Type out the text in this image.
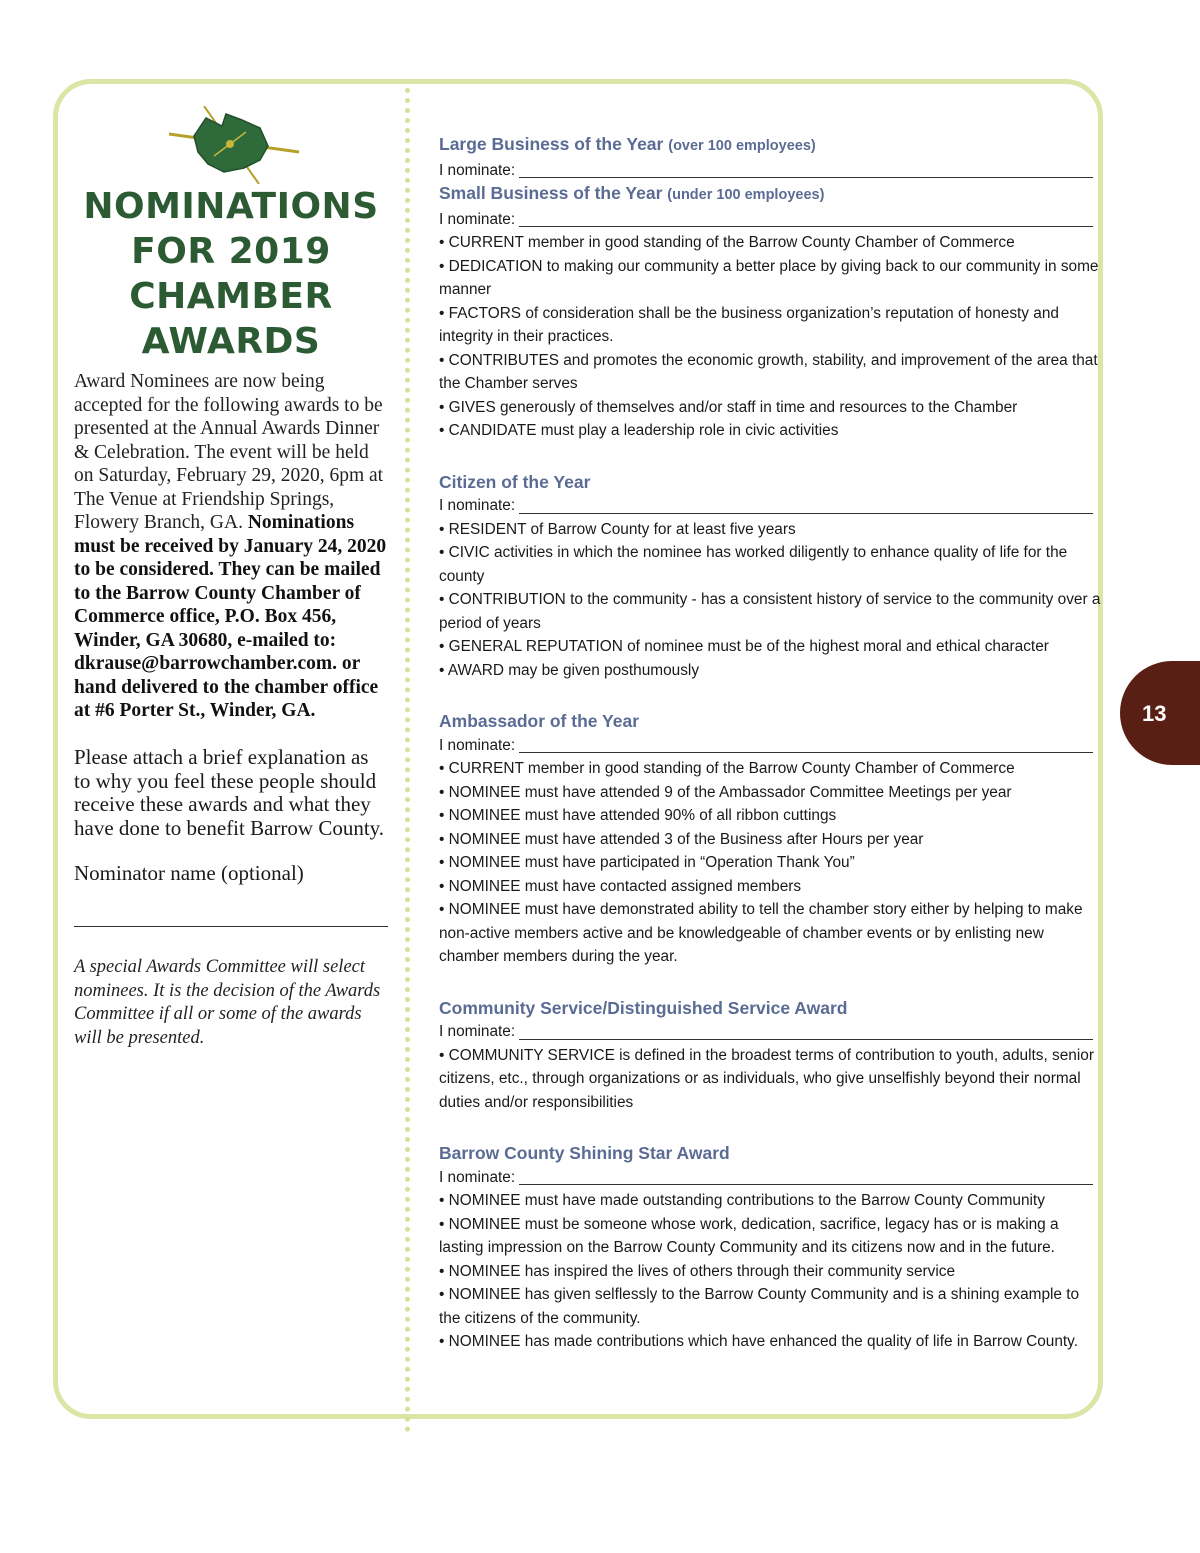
13
NOMINATIONS FOR 2019 CHAMBER AWARDS
Award Nominees are now being accepted for the following awards to be presented at the Annual Awards Dinner & Celebration. The event will be held on Saturday, February 29, 2020, 6pm at The Venue at Friendship Springs, Flowery Branch, GA. Nominations must be received by January 24, 2020 to be considered. They can be mailed to the Barrow County Chamber of Commerce office, P.O. Box 456, Winder, GA 30680, e-mailed to: dkrause@barrowchamber.com. or hand delivered to the chamber office at #6 Porter St., Winder, GA.
Please attach a brief explanation as to why you feel these people should receive these awards and what they have done to benefit Barrow County.
Nominator name (optional)
A special Awards Committee will select nominees. It is the decision of the Awards Committee if all or some of the awards will be presented.
Large Business of the Year (over 100 employees)
I nominate:
Small Business of the Year (under 100 employees)
I nominate:

• CURRENT member in good standing of the Barrow County Chamber of Commerce

• DEDICATION to making our community a better place by giving back to our community in some manner

• FACTORS of consideration shall be the business organization’s reputation of honesty and integrity in their practices.

• CONTRIBUTES and promotes the economic growth, stability, and improvement of the area that the Chamber serves

• GIVES generously of themselves and/or staff in time and resources to the Chamber

• CANDIDATE must play a leadership role in civic activities

Citizen of the Year
I nominate:

• RESIDENT of Barrow County for at least five years

• CIVIC activities in which the nominee has worked diligently to enhance quality of life for the county

• CONTRIBUTION to the community - has a consistent history of service to the community over a period of years

• GENERAL REPUTATION of nominee must be of the highest moral and ethical character

• AWARD may be given posthumously

Ambassador of the Year
I nominate:

• CURRENT member in good standing of the Barrow County Chamber of Commerce

• NOMINEE must have attended 9 of the Ambassador Committee Meetings per year

• NOMINEE must have attended 90% of all ribbon cuttings

• NOMINEE must have attended 3 of the Business after Hours per year

• NOMINEE must have participated in “Operation Thank You”

• NOMINEE must have contacted assigned members

• NOMINEE must have demonstrated ability to tell the chamber story either by helping to make non-active members active and be knowledgeable of chamber events or by enlisting new chamber members during the year.

Community Service/Distinguished Service Award
I nominate:

• COMMUNITY SERVICE is defined in the broadest terms of contribution to youth, adults, senior citizens, etc., through organizations or as individuals, who give unselfishly beyond their normal duties and/or responsibilities

Barrow County Shining Star Award
I nominate:

• NOMINEE must have made outstanding contributions to the Barrow County Community

• NOMINEE must be someone whose work, dedication, sacrifice, legacy has or is making a lasting impression on the Barrow County Community and its citizens now and in the future.

• NOMINEE has inspired the lives of others through their community service

• NOMINEE has given selflessly to the Barrow County Community and is a shining example to the citizens of the community.

• NOMINEE has made contributions which have enhanced the quality of life in Barrow County.
